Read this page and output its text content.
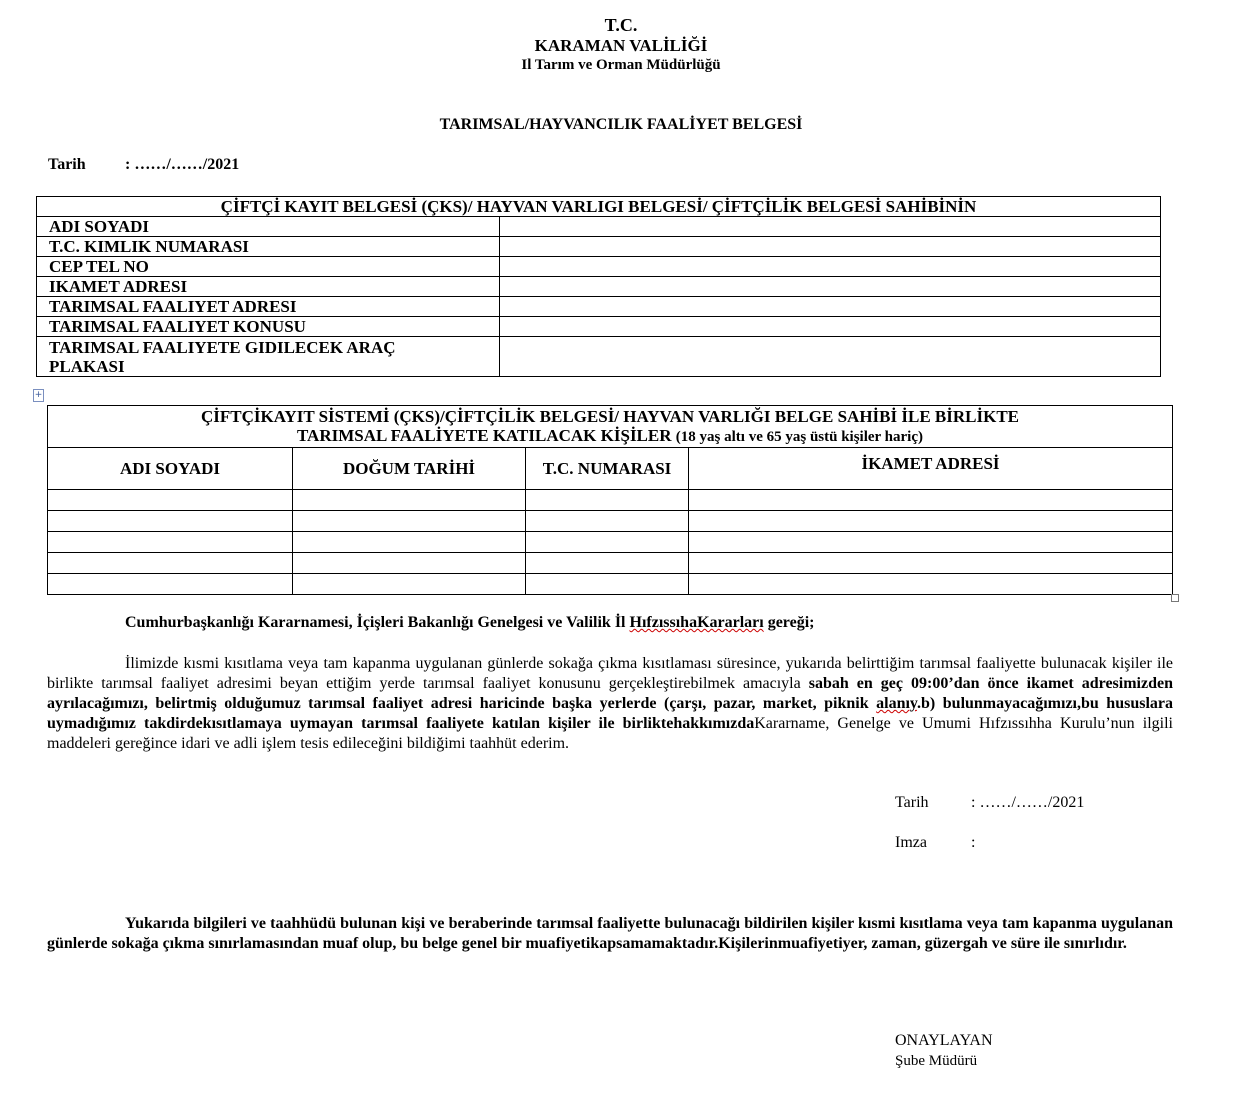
T.C.
KARAMAN VALİLİĞİ
Il Tarım ve Orman Müdürlüğü
TARIMSAL/HAYVANCILIK FAALİYET BELGESİ
Tarih : ……/……/2021
ÇİFTÇİ KAYIT BELGESİ (ÇKS)/ HAYVAN VARLIGI BELGESİ/ ÇİFTÇİLİK BELGESİ SAHİBİNİN	
ADI SOYADI	
T.C. KIMLIK NUMARASI	
CEP TEL NO	
IKAMET ADRESI	
TARIMSAL FAALIYET ADRESI	
TARIMSAL FAALIYET KONUSU	
TARIMSAL FAALIYETE GIDILECEK ARAÇ PLAKASI	
+
ÇİFTÇİKAYIT SİSTEMİ (ÇKS)/ÇİFTÇİLİK BELGESİ/ HAYVAN VARLIĞI BELGE SAHİBİ İLE BİRLİKTE
TARIMSAL FAALİYETE KATILACAK KİŞİLER (18 yaş altı ve 65 yaş üstü kişiler hariç)			

ADI SOYADI	DOĞUM TARİHİ	T.C. NUMARASI	İKAMET ADRESİ

Cumhurbaşkanlığı Kararnamesi, İçişleri Bakanlığı Genelgesi ve Valilik İl HıfzıssıhaKararları gereği;
İlimizde kısmi kısıtlama veya tam kapanma uygulanan günlerde sokağa çıkma kısıtlaması süresince, yukarıda belirttiğim tarımsal faaliyette bulunacak kişiler ile birlikte tarımsal faaliyet adresimi beyan ettiğim yerde tarımsal faaliyet konusunu gerçekleştirebilmek amacıyla sabah en geç 09:00’dan önce ikamet adresimizden ayrılacağımızı, belirtmiş olduğumuz tarımsal faaliyet adresi haricinde başka yerlerde (çarşı, pazar, market, piknik alanıy.b) bulunmayacağımızı,bu hususlara uymadığımız takdirdekısıtlamaya uymayan tarımsal faaliyete katılan kişiler ile birliktehakkımızdaKararname, Genelge ve Umumi Hıfzıssıhha Kurulu’nun ilgili maddeleri gereğince idari ve adli işlem tesis edileceğini bildiğimi taahhüt ederim.
Tarih	: ……/……/2021
Imza	:
Yukarıda bilgileri ve taahhüdü bulunan kişi ve beraberinde tarımsal faaliyette bulunacağı bildirilen kişiler kısmi kısıtlama veya tam kapanma uygulanan günlerde sokağa çıkma sınırlamasından muaf olup, bu belge genel bir muafiyetikapsamamaktadır.Kişilerinmuafiyetiyer, zaman, güzergah ve süre ile sınırlıdır.
ONAYLAYAN
Şube Müdürü
